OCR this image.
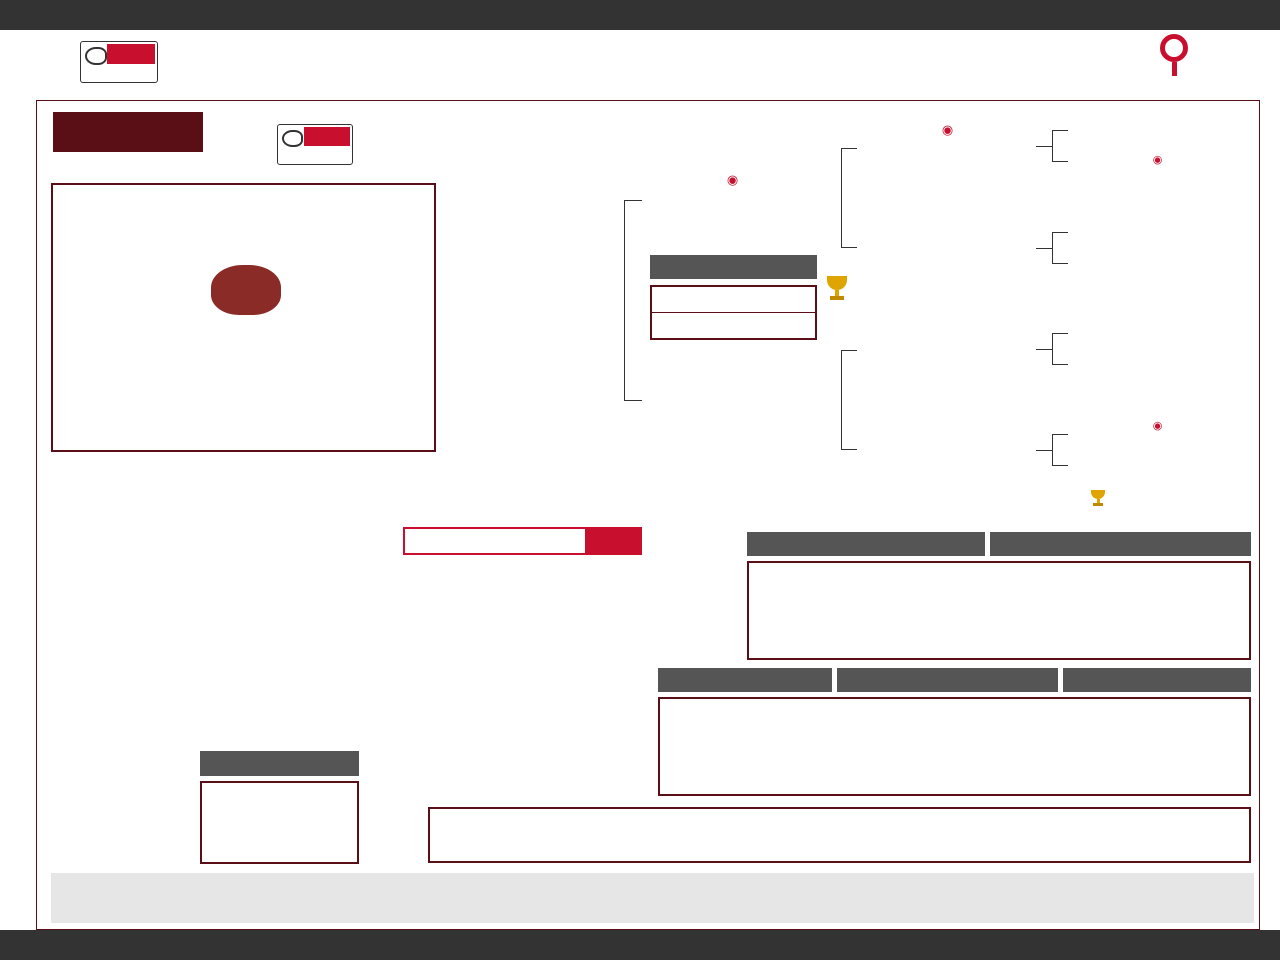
◉
◉
◉
◉
